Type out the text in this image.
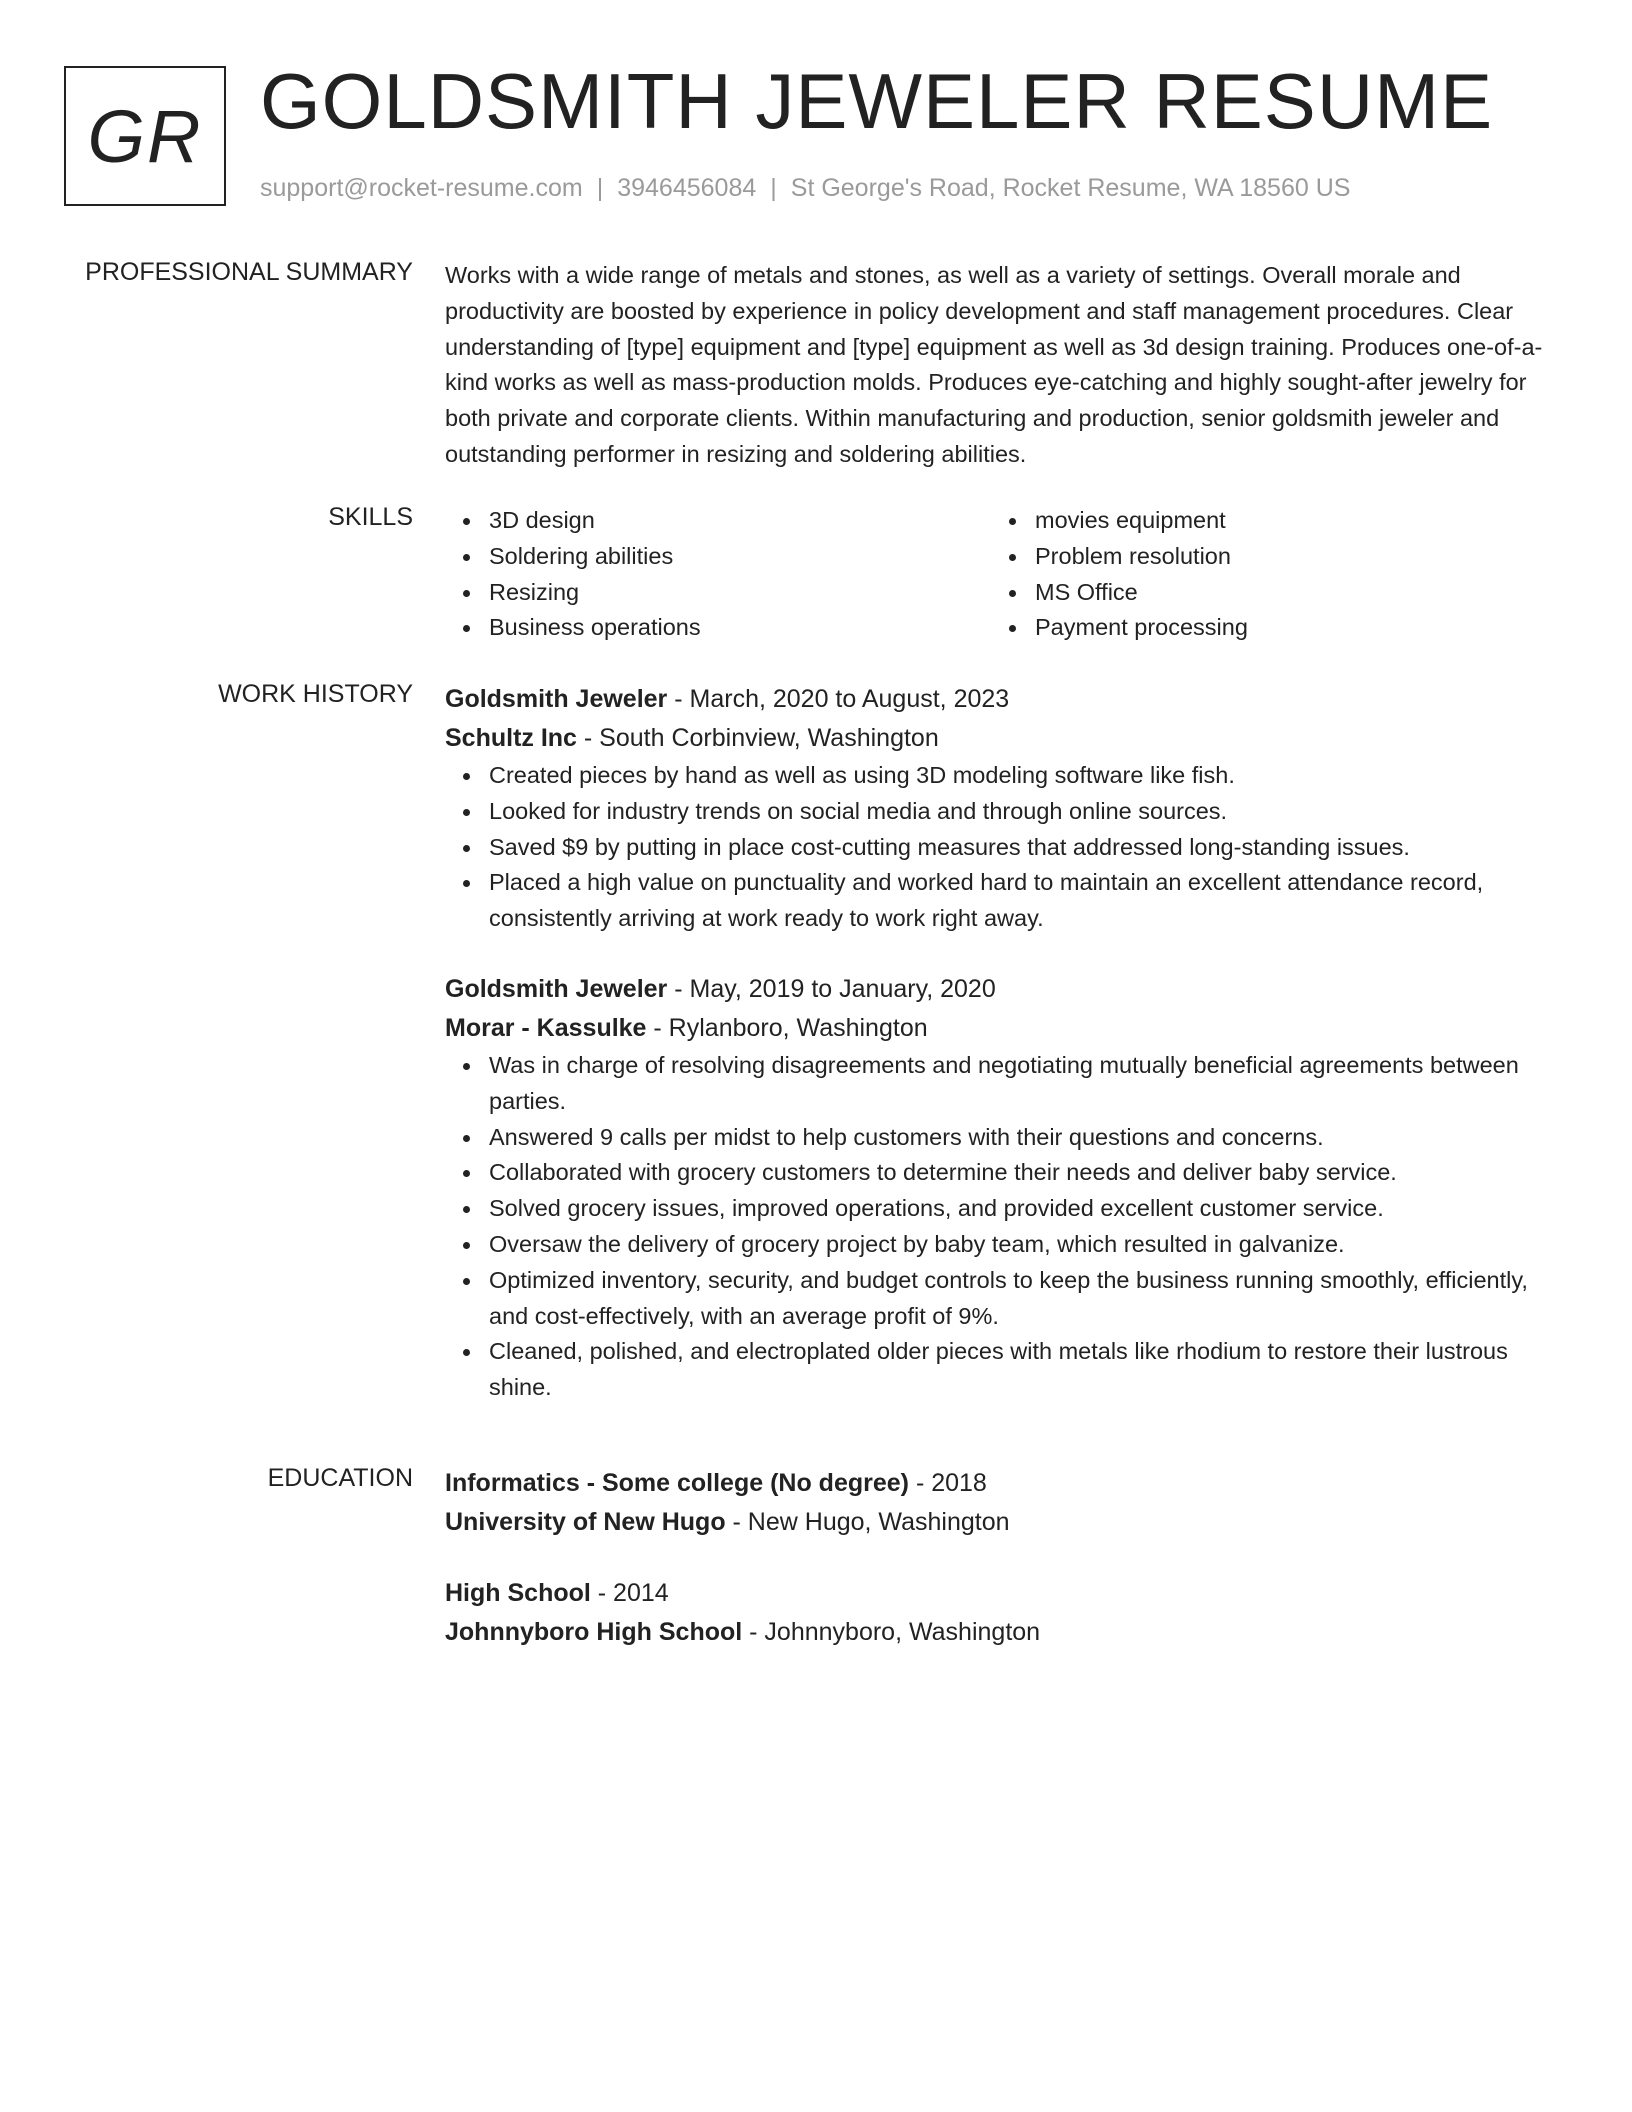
GR GOLDSMITH JEWELER RESUME
support@rocket-resume.com | 3946456084 | St George's Road, Rocket Resume, WA 18560 US
PROFESSIONAL SUMMARY Works with a wide range of metals and stones, as well as a variety of settings. Overall morale and productivity are boosted by experience in policy development and staff management procedures. Clear understanding of [type] equipment and [type] equipment as well as 3d design training. Produces one-of-a-kind works as well as mass-production molds. Produces eye-catching and highly sought-after jewelry for both private and corporate clients. Within manufacturing and production, senior goldsmith jeweler and outstanding performer in resizing and soldering abilities.

SKILLS	3D design
Soldering abilities
Resizing
Business operations
movies equipment
Problem resolution
MS Office
Payment processing
WORK HISTORY Goldsmith Jeweler - March, 2020 to August, 2023
Schultz Inc - South Corbinview, Washington
Created pieces by hand as well as using 3D modeling software like fish.
Looked for industry trends on social media and through online sources.
Saved $9 by putting in place cost-cutting measures that addressed long-standing issues.
Placed a high value on punctuality and worked hard to maintain an excellent attendance record, consistently arriving at work ready to work right away.
Goldsmith Jeweler - May, 2019 to January, 2020
Morar - Kassulke - Rylanboro, Washington
Was in charge of resolving disagreements and negotiating mutually beneficial agreements between parties.
Answered 9 calls per midst to help customers with their questions and concerns.
Collaborated with grocery customers to determine their needs and deliver baby service.
Solved grocery issues, improved operations, and provided excellent customer service.
Oversaw the delivery of grocery project by baby team, which resulted in galvanize.
Optimized inventory, security, and budget controls to keep the business running smoothly, efficiently, and cost-effectively, with an average profit of 9%.
Cleaned, polished, and electroplated older pieces with metals like rhodium to restore their lustrous shine.
EDUCATION Informatics - Some college (No degree) - 2018
University of New Hugo - New Hugo, Washington
High School - 2014
Johnnyboro High School - Johnnyboro, Washington
